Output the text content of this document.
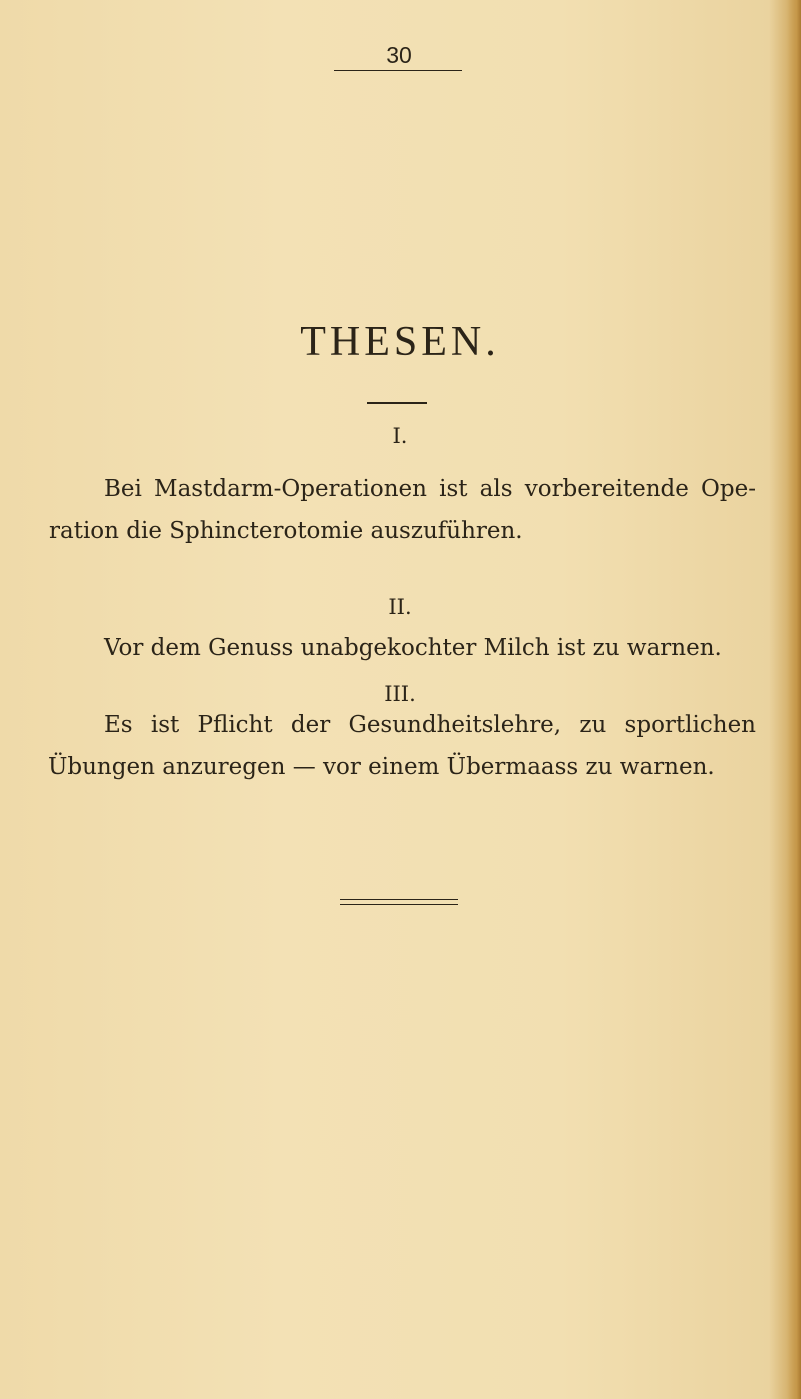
30
THESEN.
I.
Bei Mastdarm-Operationen ist als vorbereitende Ope-
ration die Sphincterotomie auszuführen.
II.
Vor dem Genuss unabgekochter Milch ist zu warnen.
III.
Es ist Pflicht der Gesundheitslehre, zu sportlichen
Übungen anzuregen — vor einem Übermaass zu warnen.
